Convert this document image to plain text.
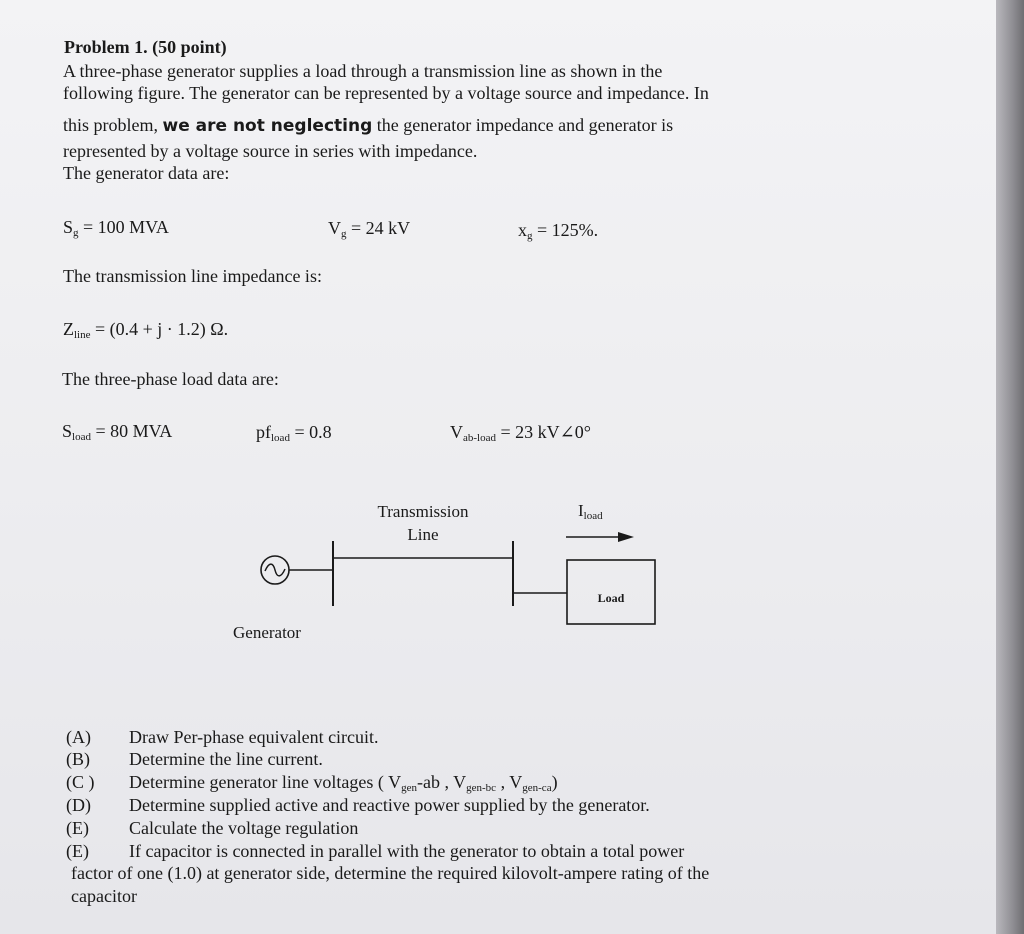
Problem 1. (50 point)
A three-phase generator supplies a load through a transmission line as shown in the
following figure. The generator can be represented by a voltage source and impedance. In
this problem, we are not neglecting the generator impedance and generator is
represented by a voltage source in series with impedance.
The generator data are:
$S_g = 100$ MVA	$V_g = 24$ kV	$x_g = 125\%$.
The transmission line impedance is:
$Z_{line} = (0.4 + j \cdot 1.2)$ Ω.
The three-phase load data are:
$S_{load} = 80$ MVA	$pf_{load} = 0.8$	$V_{ab-load} = 23$ kV∠0°
Transmission
Line
Iload
Load
Generator
(A) Draw Per-phase equivalent circuit.
(B) Determine the line current.
(C ) Determine generator line voltages ( $V_{gen}-ab$ , $V_{gen-bc}$ , $V_{gen-ca}$)
(D) Determine supplied active and reactive power supplied by the generator.
(E) Calculate the voltage regulation
(E) If capacitor is connected in parallel with the generator to obtain a total power
factor of one (1.0) at generator side, determine the required kilovolt-ampere rating of the
capacitor
